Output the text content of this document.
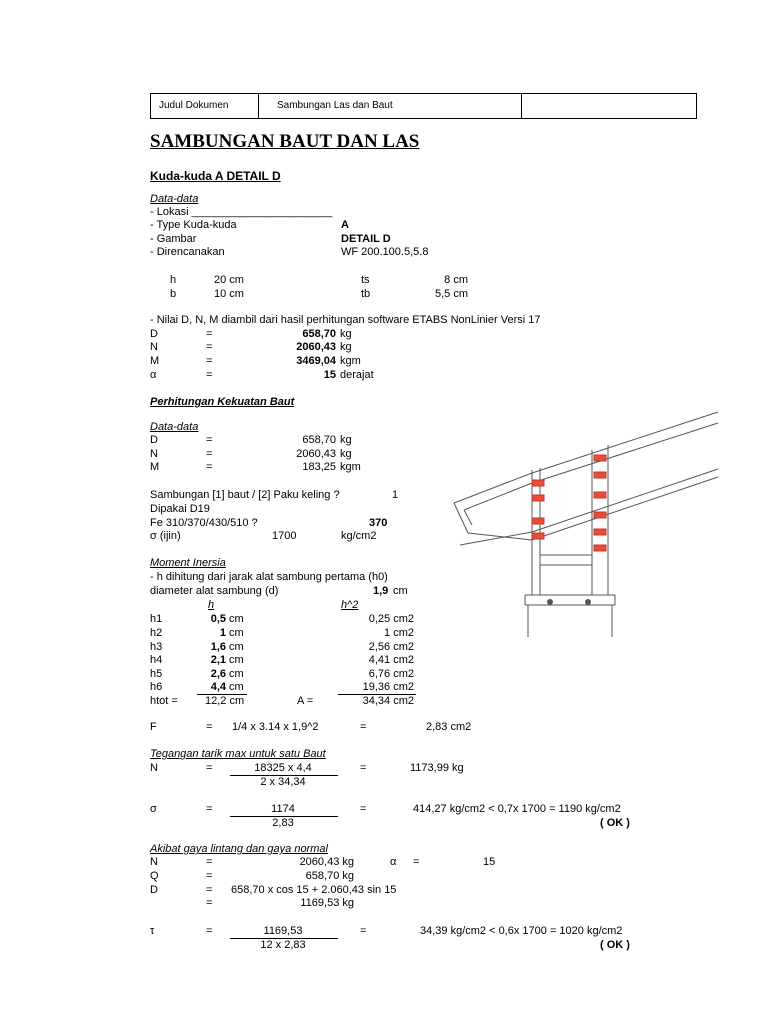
Judul Dokumen	Sambungan Las dan Baut
SAMBUNGAN BAUT DAN LAS
Kuda-kuda A DETAIL D
Data-data
- Lokasi _______________________
- Type Kuda-kuda	A
- Gambar	DETAIL D
- Direncanakan	WF 200.100.5,5.8
h	20 cm	ts	8 cm
b	10 cm	tb	5,5 cm
- Nilai D, N, M diambil dari hasil perhitungan software ETABS NonLinier Versi 17
D	=	658,70 kg
N	=	2060,43 kg
M	=	3469,04 kgm
α	=	15 derajat
Perhitungan Kekuatan Baut
Data-data
D	=	658,70 kg
N	=	2060,43 kg
M	=	183,25 kgm
Sambungan [1] baut / [2] Paku keling ?	1
Dipakai D19
Fe 310/370/430/510 ?	370
σ (ijin)	1700	kg/cm2
Moment Inersia
- h dihitung dari jarak alat sambung pertama (h0)
diameter alat sambung (d)	1,9 cm
h	h^2
h1	0,5 cm	0,25 cm2
h2	1 cm	1 cm2
h3	1,6 cm	2,56 cm2
h4	2,1 cm	4,41 cm2
h5	2,6 cm	6,76 cm2
h6	4,4 cm	19,36 cm2
htot = 12,2 cm	A =	34,34 cm2
F	= 1/4 x 3.14 x 1,9^2	=	2,83 cm2
Tegangan tarik max untuk satu Baut
N	=	18325 x 4,4
2 x 34,34
=	1173,99 kg
σ	=	1174
2,83
=	414,27 kg/cm2 < 0,7x 1700 = 1190 kg/cm2
( OK )
Akibat gaya lintang dan gaya normal
N	=	2060,43 kg	α =	15
Q	=	658,70 kg
D	= 658,70 x cos 15 + 2.060,43 sin 15
=	1169,53 kg
τ	=	1169,53
12 x 2,83
=	34,39 kg/cm2 < 0,6x 1700 = 1020 kg/cm2
( OK )
